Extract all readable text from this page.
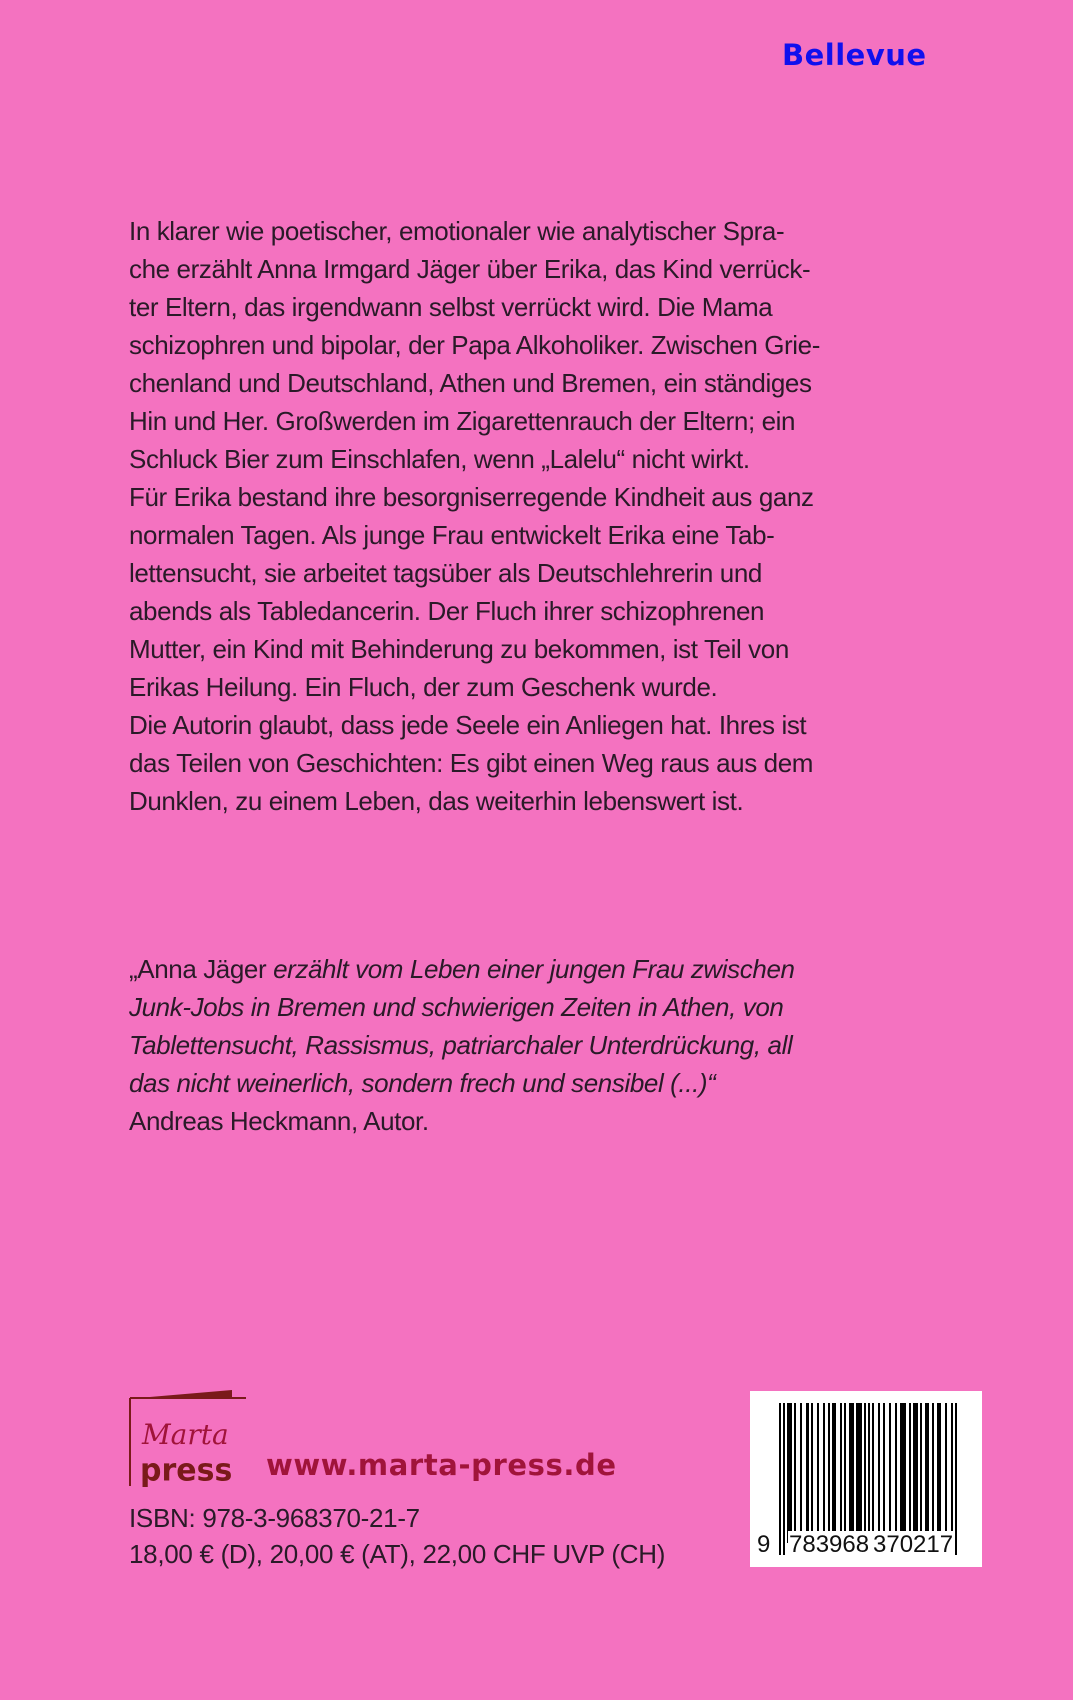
Bellevue
In klarer wie poetischer, emotionaler wie analytischer Spra-
che erzählt Anna Irmgard Jäger über Erika, das Kind verrück-
ter Eltern, das irgendwann selbst verrückt wird. Die Mama
schizophren und bipolar, der Papa Alkoholiker. Zwischen Grie-
chenland und Deutschland, Athen und Bremen, ein ständiges
Hin und Her. Großwerden im Zigarettenrauch der Eltern; ein
Schluck Bier zum Einschlafen, wenn „Lalelu“ nicht wirkt.
Für Erika bestand ihre besorgniserregende Kindheit aus ganz
normalen Tagen. Als junge Frau entwickelt Erika eine Tab-
lettensucht, sie arbeitet tagsüber als Deutschlehrerin und
abends als Tabledancerin. Der Fluch ihrer schizophrenen
Mutter, ein Kind mit Behinderung zu bekommen, ist Teil von
Erikas Heilung. Ein Fluch, der zum Geschenk wurde.
Die Autorin glaubt, dass jede Seele ein Anliegen hat. Ihres ist
das Teilen von Geschichten: Es gibt einen Weg raus aus dem
Dunklen, zu einem Leben, das weiterhin lebenswert ist.
„Anna Jäger erzählt vom Leben einer jungen Frau zwischen
Junk-Jobs in Bremen und schwierigen Zeiten in Athen, von
Tablettensucht, Rassismus, patriarchaler Unterdrückung, all
das nicht weinerlich, sondern frech und sensibel (...)“
Andreas Heckmann, Autor.
Marta
press www.marta-press.de
ISBN: 978-3-968370-21-7
18,00 € (D), 20,00 € (AT), 22,00 CHF UVP (CH)	9 783968 370217
